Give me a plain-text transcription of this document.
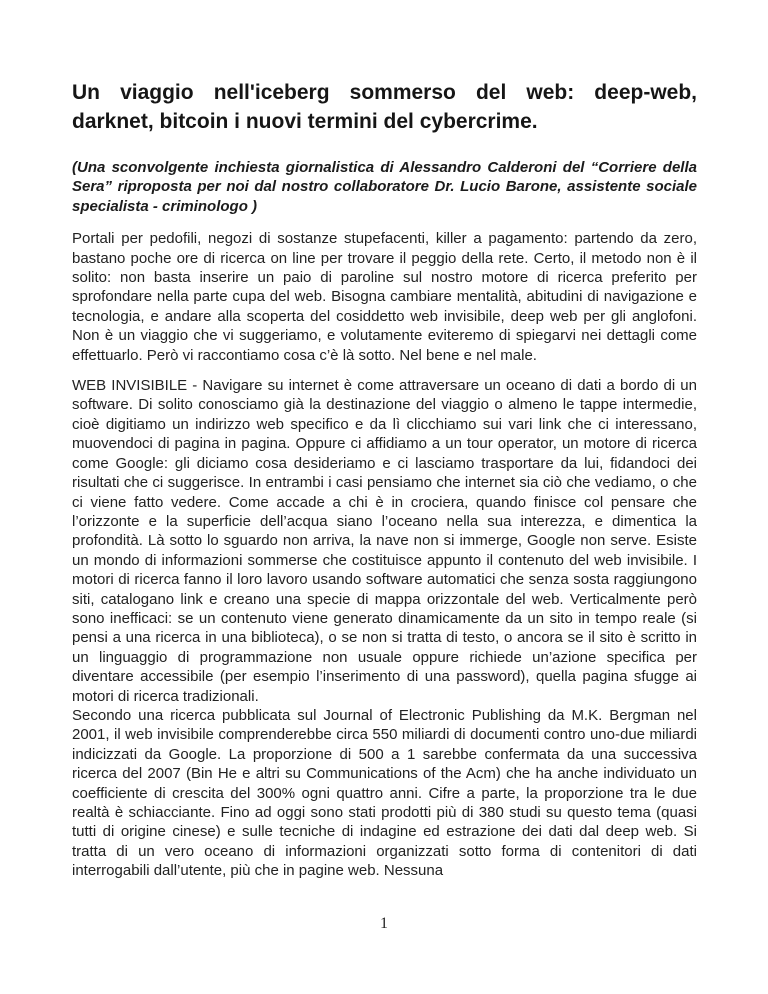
Un viaggio nell'iceberg sommerso del web: deep-web, darknet, bitcoin i nuovi termini del cybercrime.

(Una sconvolgente inchiesta giornalistica di Alessandro Calderoni del “Corriere della Sera” riproposta per noi dal nostro collaboratore Dr. Lucio Barone, assistente sociale specialista - criminologo )

Portali per pedofili, negozi di sostanze stupefacenti, killer a pagamento: partendo da zero, bastano poche ore di ricerca on line per trovare il peggio della rete. Certo, il metodo non è il solito: non basta inserire un paio di paroline sul nostro motore di ricerca preferito per sprofondare nella parte cupa del web. Bisogna cambiare mentalità, abitudini di navigazione e tecnologia, e andare alla scoperta del cosiddetto web invisibile, deep web per gli anglofoni. Non è un viaggio che vi suggeriamo, e volutamente eviteremo di spiegarvi nei dettagli come effettuarlo. Però vi raccontiamo cosa c’è là sotto. Nel bene e nel male.

WEB INVISIBILE - Navigare su internet è come attraversare un oceano di dati a bordo di un software. Di solito conosciamo già la destinazione del viaggio o almeno le tappe intermedie, cioè digitiamo un indirizzo web specifico e da lì clicchiamo sui vari link che ci interessano, muovendoci di pagina in pagina. Oppure ci affidiamo a un tour operator, un motore di ricerca come Google: gli diciamo cosa desideriamo e ci lasciamo trasportare da lui, fidandoci dei risultati che ci suggerisce. In entrambi i casi pensiamo che internet sia ciò che vediamo, o che ci viene fatto vedere. Come accade a chi è in crociera, quando finisce col pensare che l’orizzonte e la superficie dell’acqua siano l’oceano nella sua interezza, e dimentica la profondità. Là sotto lo sguardo non arriva, la nave non si immerge, Google non serve. Esiste un mondo di informazioni sommerse che costituisce appunto il contenuto del web invisibile. I motori di ricerca fanno il loro lavoro usando software automatici che senza sosta raggiungono siti, catalogano link e creano una specie di mappa orizzontale del web. Verticalmente però sono inefficaci: se un contenuto viene generato dinamicamente da un sito in tempo reale (si pensi a una ricerca in una biblioteca), o se non si tratta di testo, o ancora se il sito è scritto in un linguaggio di programmazione non usuale oppure richiede un’azione specifica per diventare accessibile (per esempio l’inserimento di una password), quella pagina sfugge ai motori di ricerca tradizionali.

Secondo una ricerca pubblicata sul Journal of Electronic Publishing da M.K. Bergman nel 2001, il web invisibile comprenderebbe circa 550 miliardi di documenti contro uno-due miliardi indicizzati da Google. La proporzione di 500 a 1 sarebbe confermata da una successiva ricerca del 2007 (Bin He e altri su Communications of the Acm) che ha anche individuato un coefficiente di crescita del 300% ogni quattro anni. Cifre a parte, la proporzione tra le due realtà è schiacciante. Fino ad oggi sono stati prodotti più di 380 studi su questo tema (quasi tutti di origine cinese) e sulle tecniche di indagine ed estrazione dei dati dal deep web. Si tratta di un vero oceano di informazioni organizzati sotto forma di contenitori di dati interrogabili dall’utente, più che in pagine web. Nessuna

1
